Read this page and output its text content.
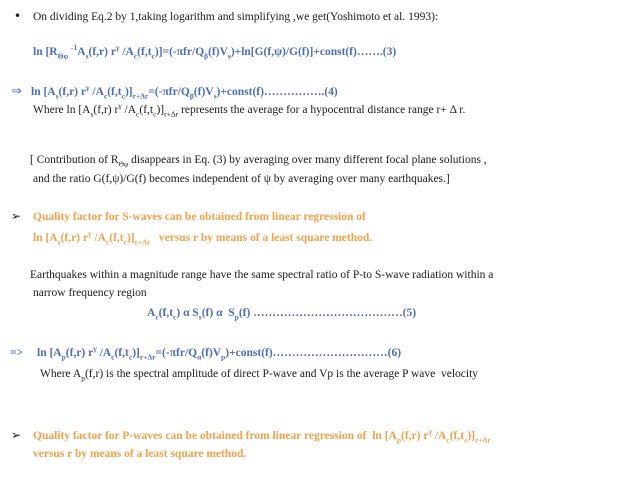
• On dividing Eq.2 by 1,taking logarithm and simplifying ,we get(Yoshimoto et al. 1993):
$\ln [R_{\Theta\varphi}$ $^{-1}A_s(f,r)$ $r^\gamma$ $/A_c(f,t_c)]=(-\pi fr/Q_\beta(f)V_s)+\ln[G(f,\psi)/G(f)]+const(f)\dots\dots.(3)$
⇒ $\ln [A_s(f,r)$ $r^\gamma$ $/A_c(f,t_c)]_{r+\Delta r}=(-\pi fr/Q_\beta(f)V_s)+const(f)\dots\dots\dots\dots\dots.(4)$
Where $\ln [A_s(f,r)$ $r^\gamma$ $/A_c(f,t_c)]_{r+\Delta r}$ represents the average for a hypocentral distance range r+ Δ r.
[ Contribution of $R_{\Theta\varphi}$ disappears in Eq. (3) by averaging over many different focal plane solutions ,
and the ratio G(f,ψ)/G(f) becomes independent of ψ by averaging over many earthquakes.]
➢ Quality factor for S-waves can be obtained from linear regression of
$\ln [A_s(f,r)$ $r^\gamma$ $/A_c(f,t_c)]_{r+\Delta r}$   versus r by means of a least square method.
Earthquakes within a magnitude range have the same spectral ratio of P-to S-wave radiation within a
narrow frequency region
$A_c(f,t_c)$ α $S_s(f)$ α  $S_p(f)$ …………………………………(5)
=> $\ln [A_p(f,r)$ $r^\gamma$ $/A_c(f,t_c)]_{r+\Delta r}=(-\pi fr/Q_\alpha(f)V_p)+const(f)\dots\dots\dots\dots\dots\dots\dots\dots\dots\dots(6)$
Where $A_p(f,r)$ is the spectral amplitude of direct P-wave and Vp is the average P wave  velocity
➢ Quality factor for P-waves can be obtained from linear regression of  $\ln [A_p(f,r)$ $r^\gamma$ $/A_c(f,t_c)]_{r+\Delta r}$
versus r by means of a least square method.
